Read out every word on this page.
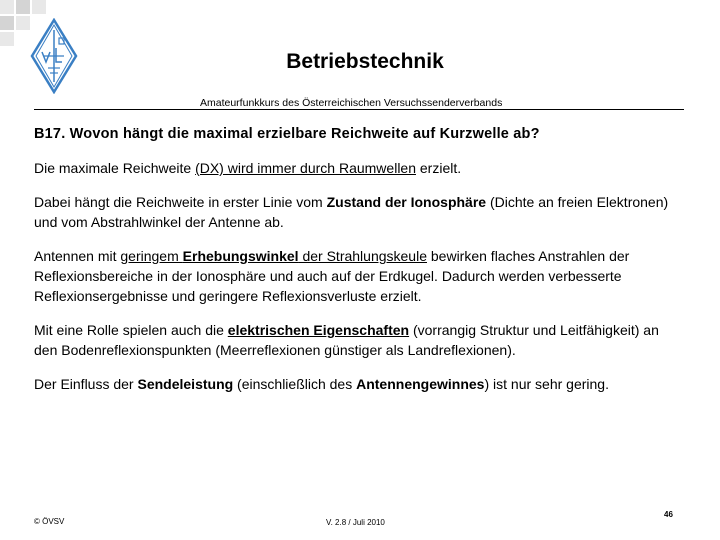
Betriebstechnik
Amateurfunkkurs des Österreichischen Versuchssenderverbands
B17. Wovon hängt die maximal erzielbare Reichweite auf Kurzwelle ab?
Die maximale Reichweite (DX) wird immer durch Raumwellen erzielt.
Dabei hängt die Reichweite in erster Linie vom Zustand der Ionosphäre (Dichte an freien Elektronen) und vom Abstrahlwinkel der Antenne ab.
Antennen mit geringem Erhebungswinkel der Strahlungskeule bewirken flaches Anstrahlen der Reflexionsbereiche in der Ionosphäre und auch auf der Erdkugel. Dadurch werden verbesserte Reflexionsergebnisse und geringere Reflexionsverluste erzielt.
Mit eine Rolle spielen auch die elektrischen Eigenschaften (vorrangig Struktur und Leitfähigkeit) an den Bodenreflexionspunkten (Meerreflexionen günstiger als Landreflexionen).
Der Einfluss der Sendeleistung (einschließlich des Antennengewinnes) ist nur sehr gering.
© ÖVSV	V. 2.8 / Juli 2010
46
